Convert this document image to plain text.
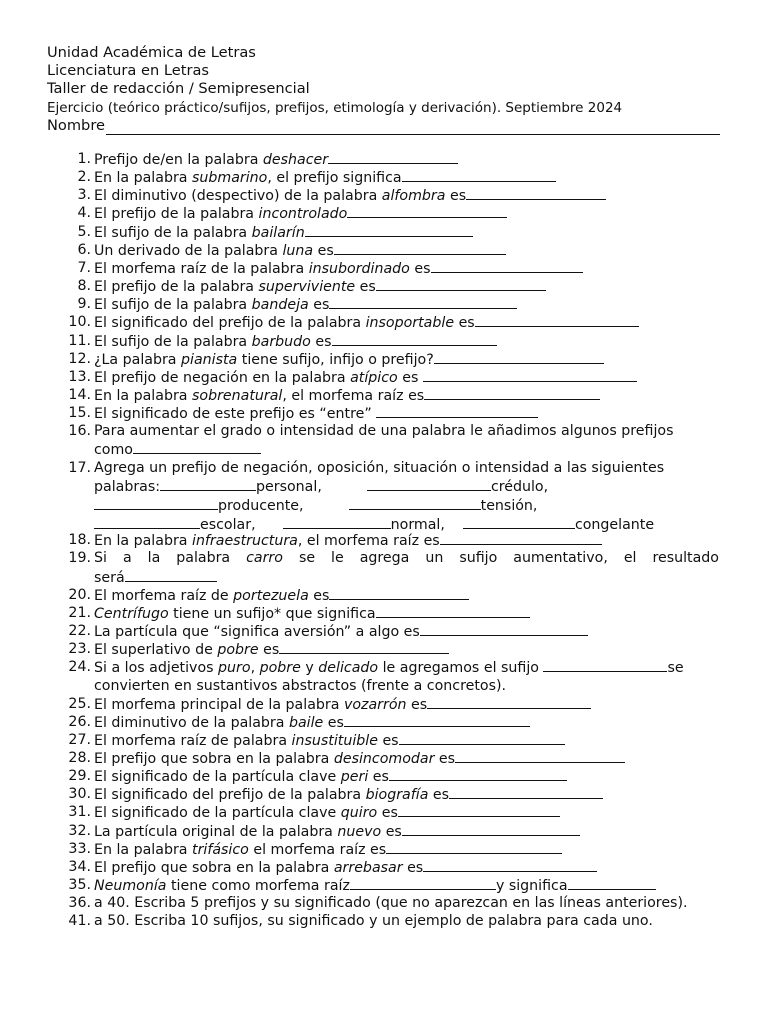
Unidad Académica de Letras
Licenciatura en Letras
Taller de redacción / Semipresencial
Ejercicio (teórico práctico/sufijos, prefijos, etimología y derivación). Septiembre 2024
Nombre
1. Prefijo de/en la palabra deshacer
2. En la palabra submarino, el prefijo significa
3. El diminutivo (despectivo) de la palabra alfombra es
4. El prefijo de la palabra incontrolado
5. El sufijo de la palabra bailarín
6. Un derivado de la palabra luna es
7. El morfema raíz de la palabra insubordinado es
8. El prefijo de la palabra superviviente es
9. El sufijo de la palabra bandeja es
10. El significado del prefijo de la palabra insoportable es
11. El sufijo de la palabra barbudo es
12. ¿La palabra pianista tiene sufijo, infijo o prefijo?
13. El prefijo de negación en la palabra atípico es
14. En la palabra sobrenatural, el morfema raíz es
15. El significado de este prefijo es “entre”
16. Para aumentar el grado o intensidad de una palabra le añadimos algunos prefijos
como
17. Agrega un prefijo de negación, oposición, situación o intensidad a las siguientes
palabras:	personal,	crédulo,
producente,	tensión,
escolar,	normal,	congelante
18. En la palabra infraestructura, el morfema raíz es
19. Si a la palabra carro se le agrega un sufijo aumentativo, el resultado
será
20. El morfema raíz de portezuela es
21. Centrífugo tiene un sufijo* que significa
22. La partícula que “significa aversión” a algo es
23. El superlativo de pobre es
24. Si a los adjetivos puro, pobre y delicado le agregamos el sufijo	se
convierten en sustantivos abstractos (frente a concretos).
25. El morfema principal de la palabra vozarrón es
26. El diminutivo de la palabra baile es
27. El morfema raíz de palabra insustituible es
28. El prefijo que sobra en la palabra desincomodar es
29. El significado de la partícula clave peri es
30. El significado del prefijo de la palabra biografía es
31. El significado de la partícula clave quiro es
32. La partícula original de la palabra nuevo es
33. En la palabra trifásico el morfema raíz es
34. El prefijo que sobra en la palabra arrebasar es
35. Neumonía tiene como morfema raíz	y significa
36. a 40. Escriba 5 prefijos y su significado (que no aparezcan en las líneas anteriores).
41. a 50. Escriba 10 sufijos, su significado y un ejemplo de palabra para cada uno.
